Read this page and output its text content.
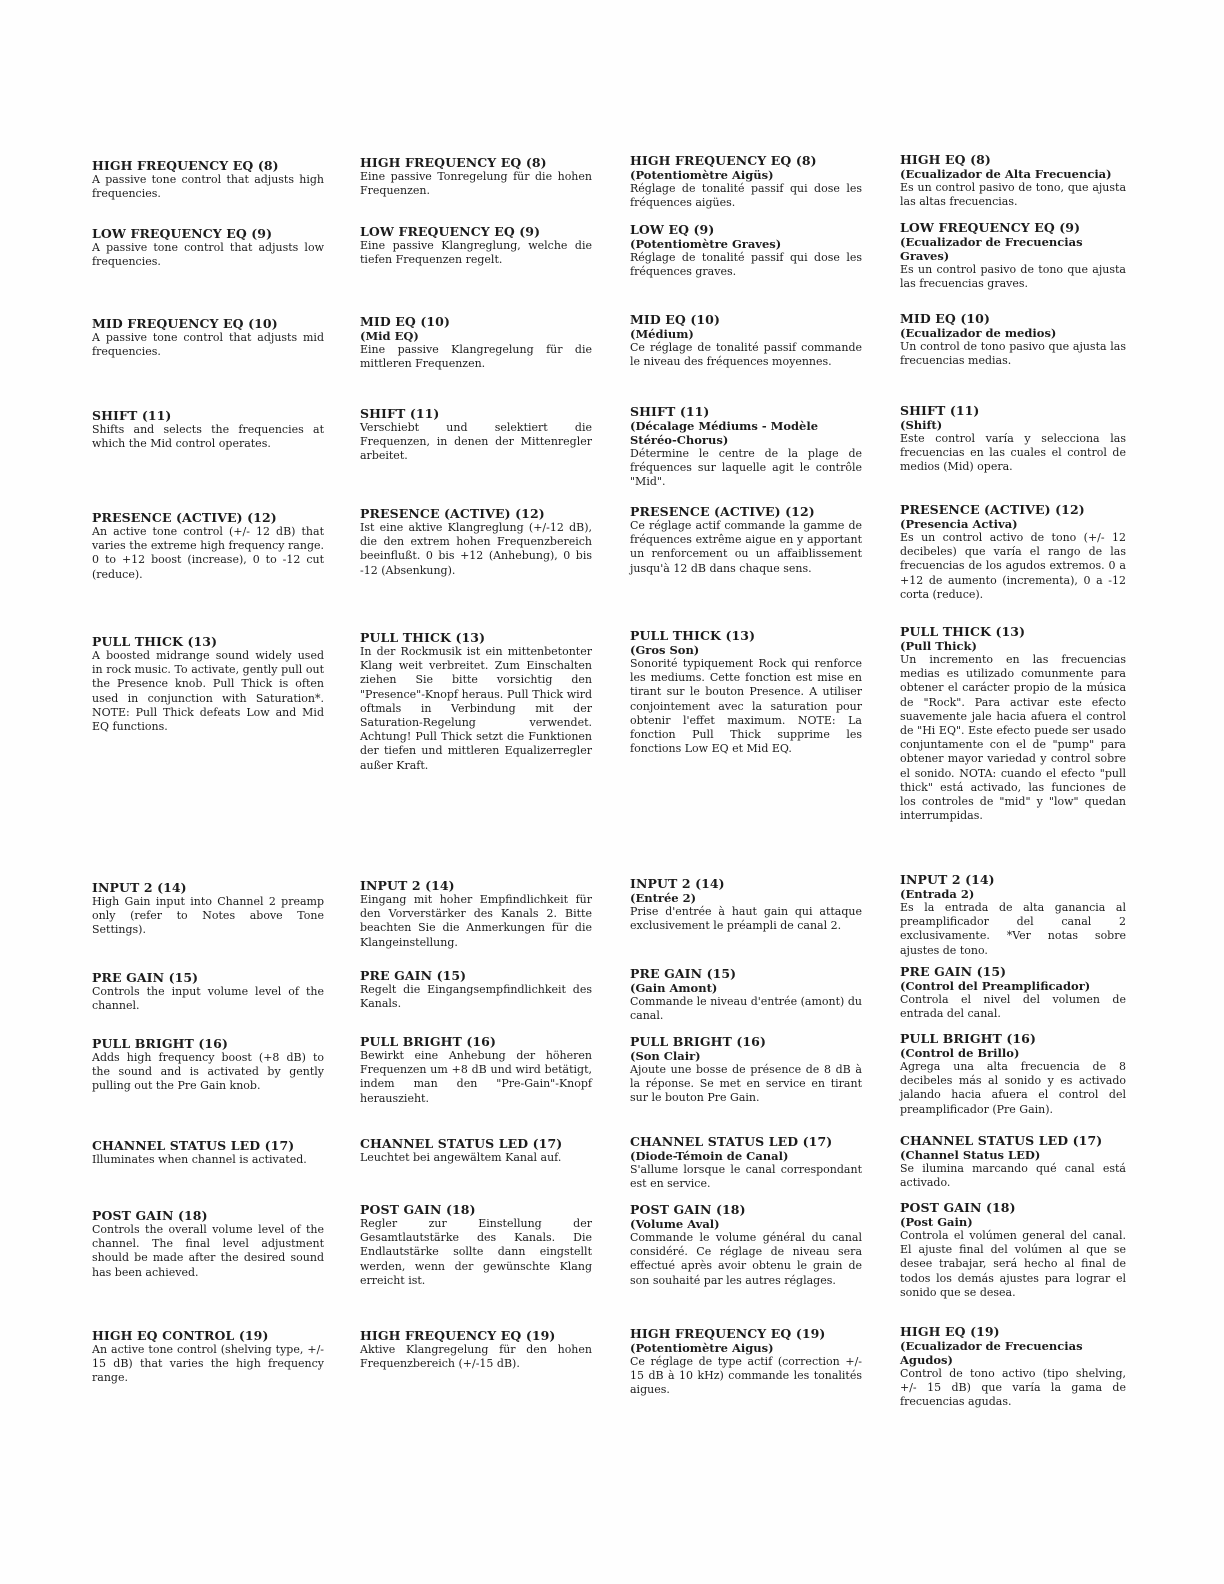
HIGH FREQUENCY EQ (8)
A passive tone control that adjusts high frequencies.
LOW FREQUENCY EQ (9)
A passive tone control that adjusts low frequencies.
MID FREQUENCY EQ (10)
A passive tone control that adjusts mid frequencies.
SHIFT (11)
Shifts and selects the frequencies at which the Mid control operates.
PRESENCE (ACTIVE) (12)
An active tone control (+/- 12 dB) that varies the extreme high frequency range. 0 to +12 boost (increase), 0 to -12 cut (reduce).
PULL THICK (13)
A boosted midrange sound widely used in rock music. To activate, gently pull out the Presence knob. Pull Thick is often used in conjunction with Saturation*. NOTE: Pull Thick defeats Low and Mid EQ functions.
INPUT 2 (14)
High Gain input into Channel 2 preamp only (refer to Notes above Tone Settings).
PRE GAIN (15)
Controls the input volume level of the channel.
PULL BRIGHT (16)
Adds high frequency boost (+8 dB) to the sound and is activated by gently pulling out the Pre Gain knob.
CHANNEL STATUS LED (17)
Illuminates when channel is activated.
POST GAIN (18)
Controls the overall volume level of the channel. The final level adjustment should be made after the desired sound has been achieved.
HIGH EQ CONTROL (19)
An active tone control (shelving type, +/- 15 dB) that varies the high frequency range.
HIGH FREQUENCY EQ (8)
Eine passive Tonregelung für die hohen Frequenzen.
LOW FREQUENCY EQ (9)
Eine passive Klangreglung, welche die tiefen Frequenzen regelt.
MID EQ (10)
(Mid EQ)
Eine passive Klangregelung für die mittleren Frequenzen.
SHIFT (11)
Verschiebt und selektiert die Frequenzen, in denen der Mittenregler arbeitet.
PRESENCE (ACTIVE) (12)
Ist eine aktive Klangreglung (+/-12 dB), die den extrem hohen Frequenzbereich beeinflußt. 0 bis +12 (Anhebung), 0 bis -12 (Absenkung).
PULL THICK (13)
In der Rockmusik ist ein mittenbetonter Klang weit verbreitet. Zum Einschalten ziehen Sie bitte vorsichtig den "Presence"-Knopf heraus. Pull Thick wird oftmals in Verbindung mit der Saturation-Regelung verwendet. Achtung! Pull Thick setzt die Funktionen der tiefen und mittleren Equalizerregler außer Kraft.
INPUT 2 (14)
Eingang mit hoher Empfindlichkeit für den Vorverstärker des Kanals 2. Bitte beachten Sie die Anmerkungen für die Klangeinstellung.
PRE GAIN (15)
Regelt die Eingangsempfindlichkeit des Kanals.
PULL BRIGHT (16)
Bewirkt eine Anhebung der höheren Frequenzen um +8 dB und wird betätigt, indem man den "Pre-Gain"-Knopf herauszieht.
CHANNEL STATUS LED (17)
Leuchtet bei angewältem Kanal auf.
POST GAIN (18)
Regler zur Einstellung der Gesamtlautstärke des Kanals. Die Endlautstärke sollte dann eingstellt werden, wenn der gewünschte Klang erreicht ist.
HIGH FREQUENCY EQ (19)
Aktive Klangregelung für den hohen Frequenzbereich (+/-15 dB).
HIGH FREQUENCY EQ (8)
(Potentiomètre Aigüs)
Réglage de tonalité passif qui dose les fréquences aigües.
LOW EQ (9)
(Potentiomètre Graves)
Réglage de tonalité passif qui dose les fréquences graves.
MID EQ (10)
(Médium)
Ce réglage de tonalité passif commande le niveau des fréquences moyennes.
SHIFT (11)
(Décalage Médiums - Modèle Stéréo-Chorus)
Détermine le centre de la plage de fréquences sur laquelle agit le contrôle "Mid".
PRESENCE (ACTIVE) (12)
Ce réglage actif commande la gamme de fréquences extrême aigue en y apportant un renforcement ou un affaiblissement jusqu'à 12 dB dans chaque sens.
PULL THICK (13)
(Gros Son)
Sonorité typiquement Rock qui renforce les mediums. Cette fonction est mise en tirant sur le bouton Presence. A utiliser conjointement avec la saturation pour obtenir l'effet maximum. NOTE: La fonction Pull Thick supprime les fonctions Low EQ et Mid EQ.
INPUT 2 (14)
(Entrée 2)
Prise d'entrée à haut gain qui attaque exclusivement le préampli de canal 2.
PRE GAIN (15)
(Gain Amont)
Commande le niveau d'entrée (amont) du canal.
PULL BRIGHT (16)
(Son Clair)
Ajoute une bosse de présence de 8 dB à la réponse. Se met en service en tirant sur le bouton Pre Gain.
CHANNEL STATUS LED (17)
(Diode-Témoin de Canal)
S'allume lorsque le canal correspondant est en service.
POST GAIN (18)
(Volume Aval)
Commande le volume général du canal considéré. Ce réglage de niveau sera effectué après avoir obtenu le grain de son souhaité par les autres réglages.
HIGH FREQUENCY EQ (19)
(Potentiomètre Aigus)
Ce réglage de type actif (correction +/- 15 dB à 10 kHz) commande les tonalités aigues.
HIGH EQ (8)
(Ecualizador de Alta Frecuencia)
Es un control pasivo de tono, que ajusta las altas frecuencias.
LOW FREQUENCY EQ (9)
(Ecualizador de Frecuencias Graves)
Es un control pasivo de tono que ajusta las frecuencias graves.
MID EQ (10)
(Ecualizador de medios)
Un control de tono pasivo que ajusta las frecuencias medias.
SHIFT (11)
(Shift)
Este control varía y selecciona las frecuencias en las cuales el control de medios (Mid) opera.
PRESENCE (ACTIVE) (12)
(Presencia Activa)
Es un control activo de tono (+/- 12 decibeles) que varía el rango de las frecuencias de los agudos extremos. 0 a +12 de aumento (incrementa), 0 a -12 corta (reduce).
PULL THICK (13)
(Pull Thick)
Un incremento en las frecuencias medias es utilizado comunmente para obtener el carácter propio de la música de "Rock". Para activar este efecto suavemente jale hacia afuera el control de "Hi EQ". Este efecto puede ser usado conjuntamente con el de "pump" para obtener mayor variedad y control sobre el sonido. NOTA: cuando el efecto "pull thick" está activado, las funciones de los controles de "mid" y "low" quedan interrumpidas.
INPUT 2 (14)
(Entrada 2)
Es la entrada de alta ganancia al preamplificador del canal 2 exclusivamente. *Ver notas sobre ajustes de tono.
PRE GAIN (15)
(Control del Preamplificador)
Controla el nivel del volumen de entrada del canal.
PULL BRIGHT (16)
(Control de Brillo)
Agrega una alta frecuencia de 8 decibeles más al sonido y es activado jalando hacia afuera el control del preamplificador (Pre Gain).
CHANNEL STATUS LED (17)
(Channel Status LED)
Se ilumina marcando qué canal está activado.
POST GAIN (18)
(Post Gain)
Controla el volúmen general del canal. El ajuste final del volúmen al que se desee trabajar, será hecho al final de todos los demás ajustes para lograr el sonido que se desea.
HIGH EQ (19)
(Ecualizador de Frecuencias Agudos)
Control de tono activo (tipo shelving, +/- 15 dB) que varía la gama de frecuencias agudas.
